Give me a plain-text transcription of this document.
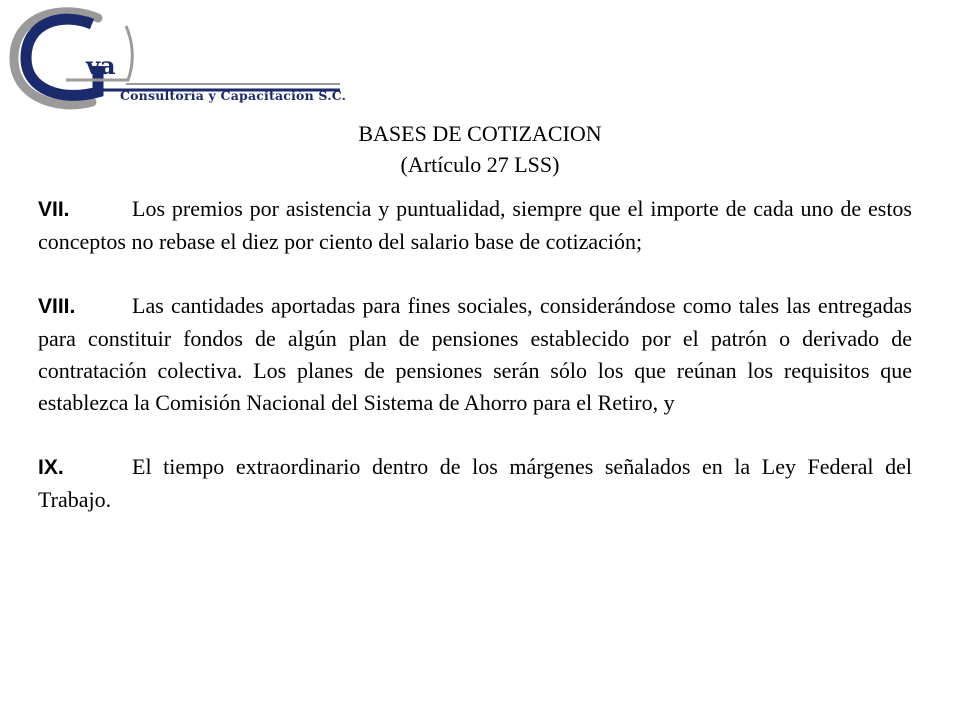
va
Consultoría y Capacitación S.C.
BASES DE COTIZACION
(Artículo 27 LSS)

VII.	Los premios por asistencia y puntualidad, siempre que el importe de cada uno de estos conceptos no rebase el diez por ciento del salario base de cotización;

VIII.	Las cantidades aportadas para fines sociales, considerándose como tales las entregadas para constituir fondos de algún plan de pensiones establecido por el patrón o derivado de contratación colectiva. Los planes de pensiones serán sólo los que reúnan los requisitos que establezca la Comisión Nacional del Sistema de Ahorro para el Retiro, y

IX.	El tiempo extraordinario dentro de los márgenes señalados en la Ley Federal del Trabajo.
